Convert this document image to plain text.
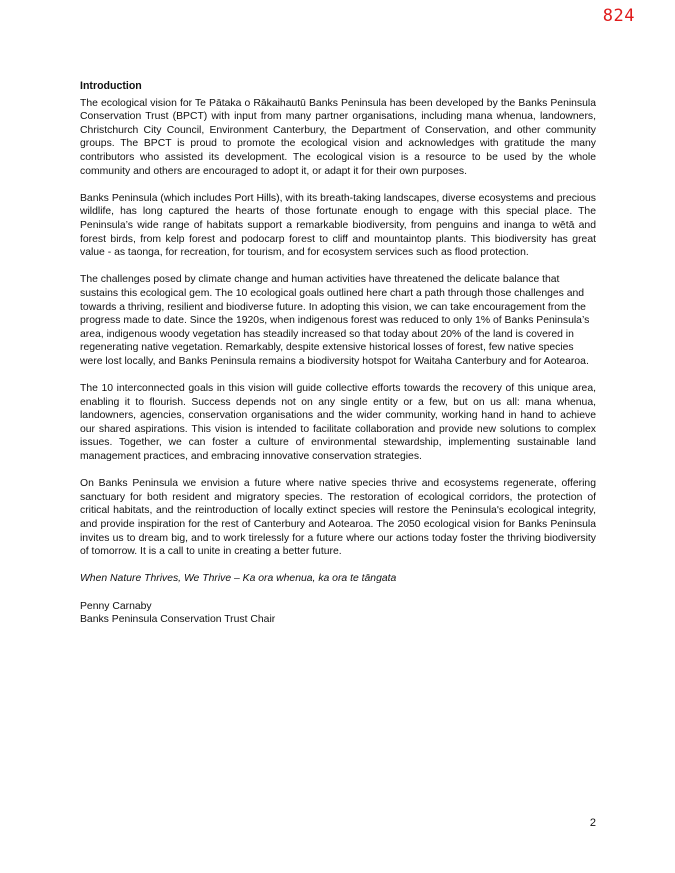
824
Introduction

The ecological vision for Te Pātaka o Rākaihautū Banks Peninsula has been developed by the Banks Peninsula Conservation Trust (BPCT) with input from many partner organisations, including mana whenua, landowners, Christchurch City Council, Environment Canterbury, the Department of Conservation, and other community groups. The BPCT is proud to promote the ecological vision and acknowledges with gratitude the many contributors who assisted its development. The ecological vision is a resource to be used by the whole community and others are encouraged to adopt it, or adapt it for their own purposes.

Banks Peninsula (which includes Port Hills), with its breath-taking landscapes, diverse ecosystems and precious wildlife, has long captured the hearts of those fortunate enough to engage with this special place. The Peninsula’s wide range of habitats support a remarkable biodiversity, from penguins and inanga to wētā and forest birds, from kelp forest and podocarp forest to cliff and mountaintop plants. This biodiversity has great value - as taonga, for recreation, for tourism, and for ecosystem services such as flood protection.

The challenges posed by climate change and human activities have threatened the delicate balance that sustains this ecological gem. The 10 ecological goals outlined here chart a path through those challenges and towards a thriving, resilient and biodiverse future. In adopting this vision, we can take encouragement from the progress made to date. Since the 1920s, when indigenous forest was reduced to only 1% of Banks Peninsula’s area, indigenous woody vegetation has steadily increased so that today about 20% of the land is covered in regenerating native vegetation. Remarkably, despite extensive historical losses of forest, few native species were lost locally, and Banks Peninsula remains a biodiversity hotspot for Waitaha Canterbury and for Aotearoa.

The 10 interconnected goals in this vision will guide collective efforts towards the recovery of this unique area, enabling it to flourish. Success depends not on any single entity or a few, but on us all: mana whenua, landowners, agencies, conservation organisations and the wider community, working hand in hand to achieve our shared aspirations. This vision is intended to facilitate collaboration and provide new solutions to complex issues. Together, we can foster a culture of environmental stewardship, implementing sustainable land management practices, and embracing innovative conservation strategies.

On Banks Peninsula we envision a future where native species thrive and ecosystems regenerate, offering sanctuary for both resident and migratory species. The restoration of ecological corridors, the protection of critical habitats, and the reintroduction of locally extinct species will restore the Peninsula's ecological integrity, and provide inspiration for the rest of Canterbury and Aotearoa. The 2050 ecological vision for Banks Peninsula invites us to dream big, and to work tirelessly for a future where our actions today foster the thriving biodiversity of tomorrow. It is a call to unite in creating a better future.

When Nature Thrives, We Thrive – Ka ora whenua, ka ora te tāngata

Penny Carnaby

Banks Peninsula Conservation Trust Chair

2
